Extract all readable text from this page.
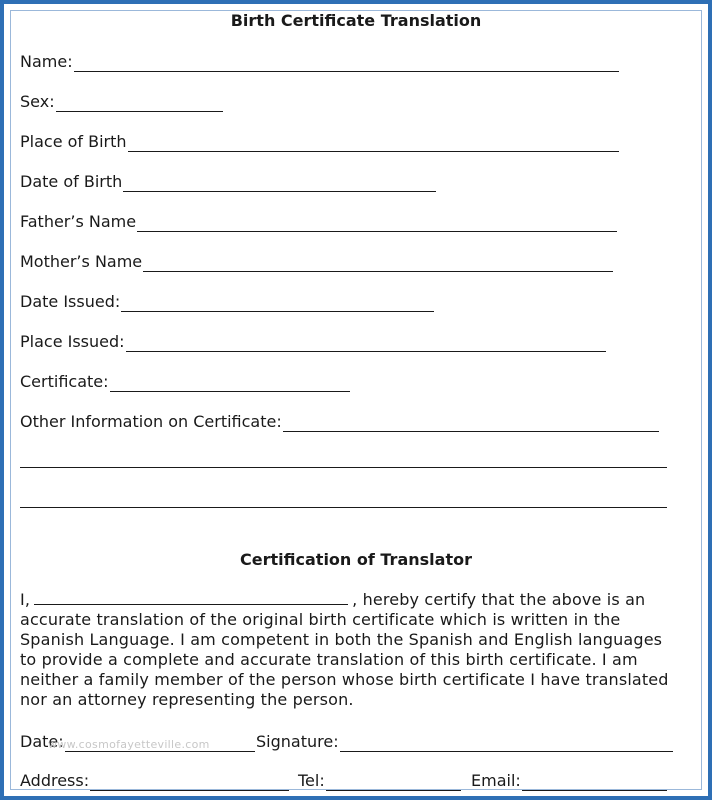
Birth Certificate Translation
Name:
Sex:
Place of Birth
Date of Birth
Father’s Name
Mother’s Name
Date Issued:
Place Issued:
Certificate:
Other Information on Certificate:
Certification of Translator
I,	, hereby certify that the above is an
accurate translation of the original birth certificate which is written in the
Spanish Language. I am competent in both the Spanish and English languages
to provide a complete and accurate translation of this birth certificate. I am
neither a family member of the person whose birth certificate I have translated
nor an attorney representing the person.
Date:	Signature:
www.cosmofayetteville.com
Address:	Tel:	Email:
